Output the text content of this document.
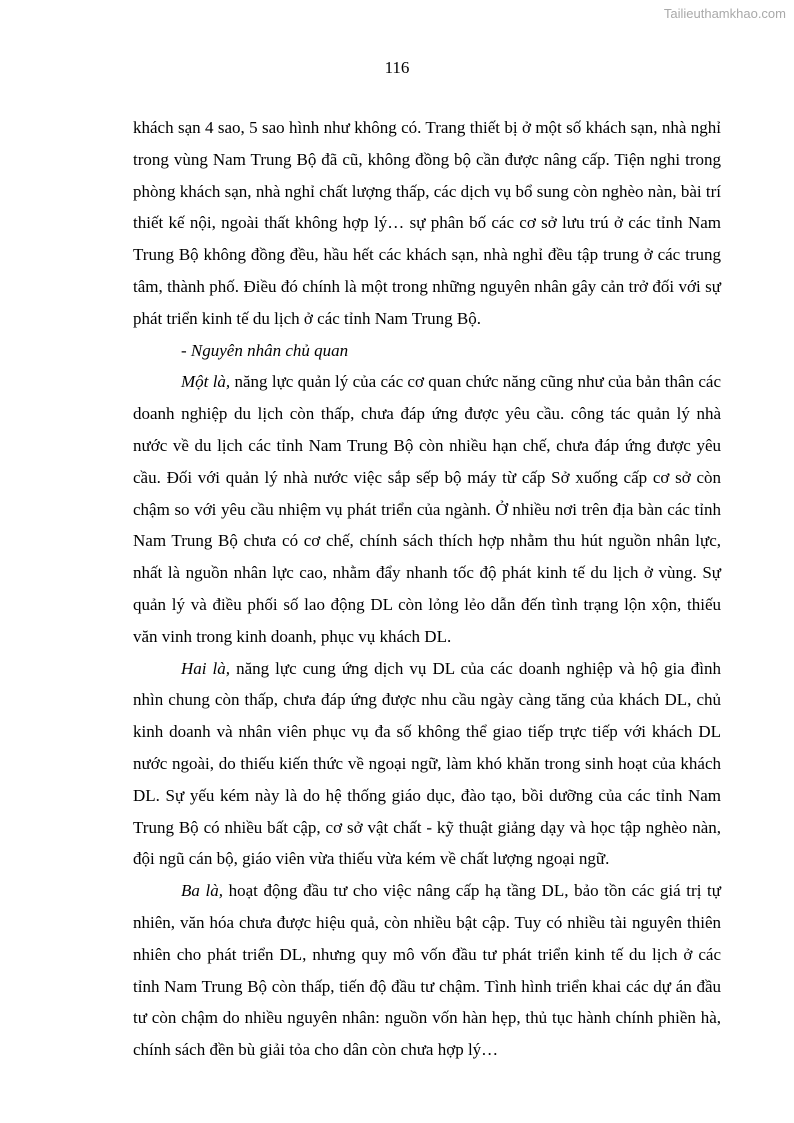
Tailieuthamkhao.com
116

khách sạn 4 sao, 5 sao hình như không có. Trang thiết bị ở một số khách sạn, nhà nghỉ trong vùng Nam Trung Bộ đã cũ, không đồng bộ cần được nâng cấp. Tiện nghi trong phòng khách sạn, nhà nghỉ chất lượng thấp, các dịch vụ bổ sung còn nghèo nàn, bài trí thiết kế nội, ngoài thất không hợp lý… sự phân bố các cơ sở lưu trú ở các tỉnh Nam Trung Bộ không đồng đều, hầu hết các khách sạn, nhà nghỉ đều tập trung ở các trung tâm, thành phố. Điều đó chính là một trong những nguyên nhân gây cản trở đối với sự phát triển kinh tế du lịch ở các tỉnh Nam Trung Bộ.

- Nguyên nhân chủ quan

Một là, năng lực quản lý của các cơ quan chức năng cũng như của bản thân các doanh nghiệp du lịch còn thấp, chưa đáp ứng được yêu cầu. công tác quản lý nhà nước về du lịch các tỉnh Nam Trung Bộ còn nhiều hạn chế, chưa đáp ứng được yêu cầu. Đối với quản lý nhà nước việc sắp sếp bộ máy từ cấp Sở xuống cấp cơ sở còn chậm so với yêu cầu nhiệm vụ phát triển của ngành. Ở nhiều nơi trên địa bàn các tỉnh Nam Trung Bộ chưa có cơ chế, chính sách thích hợp nhằm thu hút nguồn nhân lực, nhất là nguồn nhân lực cao, nhằm đẩy nhanh tốc độ phát kinh tế du lịch ở vùng. Sự quản lý và điều phối số lao động DL còn lỏng lẻo dẫn đến tình trạng lộn xộn, thiếu văn vinh trong kinh doanh, phục vụ khách DL.

Hai là, năng lực cung ứng dịch vụ DL của các doanh nghiệp và hộ gia đình nhìn chung còn thấp, chưa đáp ứng được nhu cầu ngày càng tăng của khách DL, chủ kinh doanh và nhân viên phục vụ đa số không thể giao tiếp trực tiếp với khách DL nước ngoài, do thiếu kiến thức về ngoại ngữ, làm khó khăn trong sinh hoạt của khách DL. Sự yếu kém này là do hệ thống giáo dục, đào tạo, bồi dưỡng của các tỉnh Nam Trung Bộ có nhiều bất cập, cơ sở vật chất - kỹ thuật giảng dạy và học tập nghèo nàn, đội ngũ cán bộ, giáo viên vừa thiếu vừa kém về chất lượng ngoại ngữ.

Ba là, hoạt động đầu tư cho việc nâng cấp hạ tầng DL, bảo tồn các giá trị tự nhiên, văn hóa chưa được hiệu quả, còn nhiều bật cập. Tuy có nhiều tài nguyên thiên nhiên cho phát triển DL, nhưng quy mô vốn đầu tư phát triển kinh tế du lịch ở các tỉnh Nam Trung Bộ còn thấp, tiến độ đầu tư chậm. Tình hình triển khai các dự án đầu tư còn chậm do nhiều nguyên nhân: nguồn vốn hàn hẹp, thủ tục hành chính phiền hà, chính sách đền bù giải tỏa cho dân còn chưa hợp lý…
